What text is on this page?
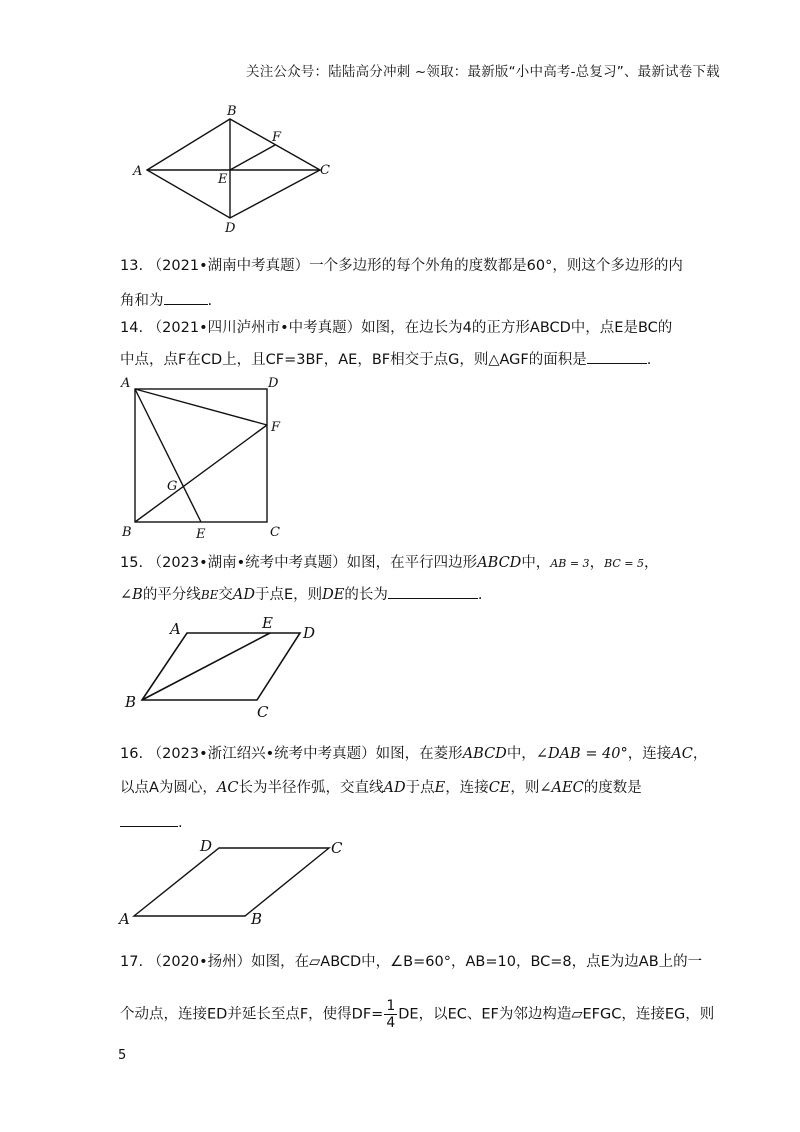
关注公众号：陆陆高分冲刺 ~领取：最新版“小中高考-总复习”、最新试卷下载
A
B
C
D
E
F
13. （2021•湖南中考真题）一个多边形的每个外角的度数都是60°，则这个多边形的内
角和为	.
14. （2021•四川泸州市•中考真题）如图，在边长为4的正方形ABCD中，点E是BC的
中点，点F在CD上，且CF=3BF，AE，BF相交于点G，则△AGF的面积是	.
A	D
F
G
B	E	C
15. （2023•湖南•统考中考真题）如图，在平行四边形ABCD中，AB = 3，BC = 5，
∠B的平分线BE交AD于点E，则DE的长为	.
A	E
D
B
C
16. （2023•浙江绍兴•统考中考真题）如图，在菱形ABCD中，∠DAB = 40°，连接AC，
以点A为圆心，AC长为半径作弧，交直线AD于点E，连接CE，则∠AEC的度数是
.
D	C
A	B
17. （2020•扬州）如图，在▱ABCD中，∠B=60°，AB=10，BC=8，点E为边AB上的一
个动点，连接ED并延长至点F，使得$DF= \frac{1}{4}$ DE，以EC、EF为邻边构造▱EFGC，连接EG，则
5
